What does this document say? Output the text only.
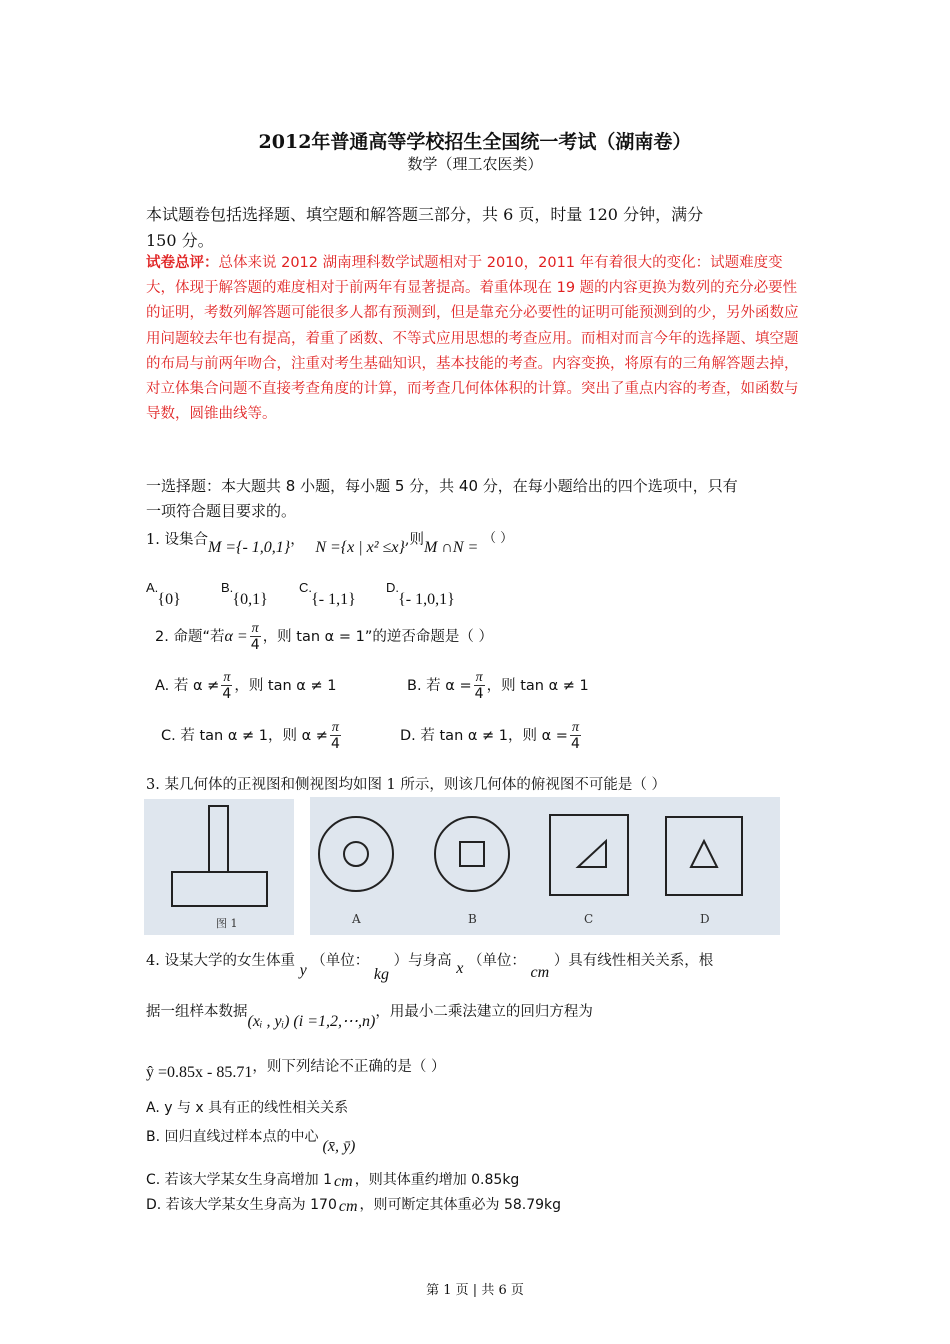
2012年普通高等学校招生全国统一考试（湖南卷）
数学（理工农医类）
本试题卷包括选择题、填空题和解答题三部分，共 6 页，时量 120 分钟，满分
150 分。
试卷总评：总体来说 2012 湖南理科数学试题相对于 2010，2011 年有着很大的变化：试题难度变大，体现于解答题的难度相对于前两年有显著提高。着重体现在 19 题的内容更换为数列的充分必要性的证明，考数列解答题可能很多人都有预测到，但是靠充分必要性的证明可能预测到的少，另外函数应用问题较去年也有提高，着重了函数、不等式应用思想的考查应用。而相对而言今年的选择题、填空题的布局与前两年吻合，注重对考生基础知识，基本技能的考查。内容变换，将原有的三角解答题去掉，对立体集合问题不直接考查角度的计算，而考查几何体体积的计算。突出了重点内容的考查，如函数与导数，圆锥曲线等。
一选择题：本大题共 8 小题，每小题 5 分，共 40 分，在每小题给出的四个选项中，只有
一项符合题目要求的。
1. 设集合M ={- 1,0,1}， N ={x | x² ≤x},则M ∩N = （ ）
A. {0}
B. {0,1}
C. {- 1,1}
D. {- 1,0,1}
2. 命题“若$\alpha = \frac{\pi}{4}$ ，则 tan α = 1”的逆否命题是（ ）
A. 若 $\alpha \ne \frac{\pi}{4}$ ，则 tan α ≠ 1	B. 若 $\alpha = \frac{\pi}{4}$ ，则 tan α ≠ 1
C. 若 tan α ≠ 1，则 $\alpha \ne \frac{\pi}{4}$	D. 若 tan α ≠ 1，则 $\alpha = \frac{\pi}{4}$
3. 某几何体的正视图和侧视图均如图 1 所示，则该几何体的俯视图不可能是（ ）
图 1	A	B	C	D
4. 设某大学的女生体重 y （单位： kg ）与身高 x （单位： cm ）具有线性相关关系，根
据一组样本数据(xᵢ , yᵢ) (i =1,2,⋯,n)，用最小二乘法建立的回归方程为
ŷ =0.85x - 85.71，则下列结论不正确的是（ ）
A. y 与 x 具有正的线性相关关系
B. 回归直线过样本点的中心(x̄, ȳ)
C. 若该大学某女生身高增加 1 cm ，则其体重约增加 0.85kg
D. 若该大学某女生身高为 170 cm ，则可断定其体重必为 58.79kg
第 1 页 | 共 6 页
